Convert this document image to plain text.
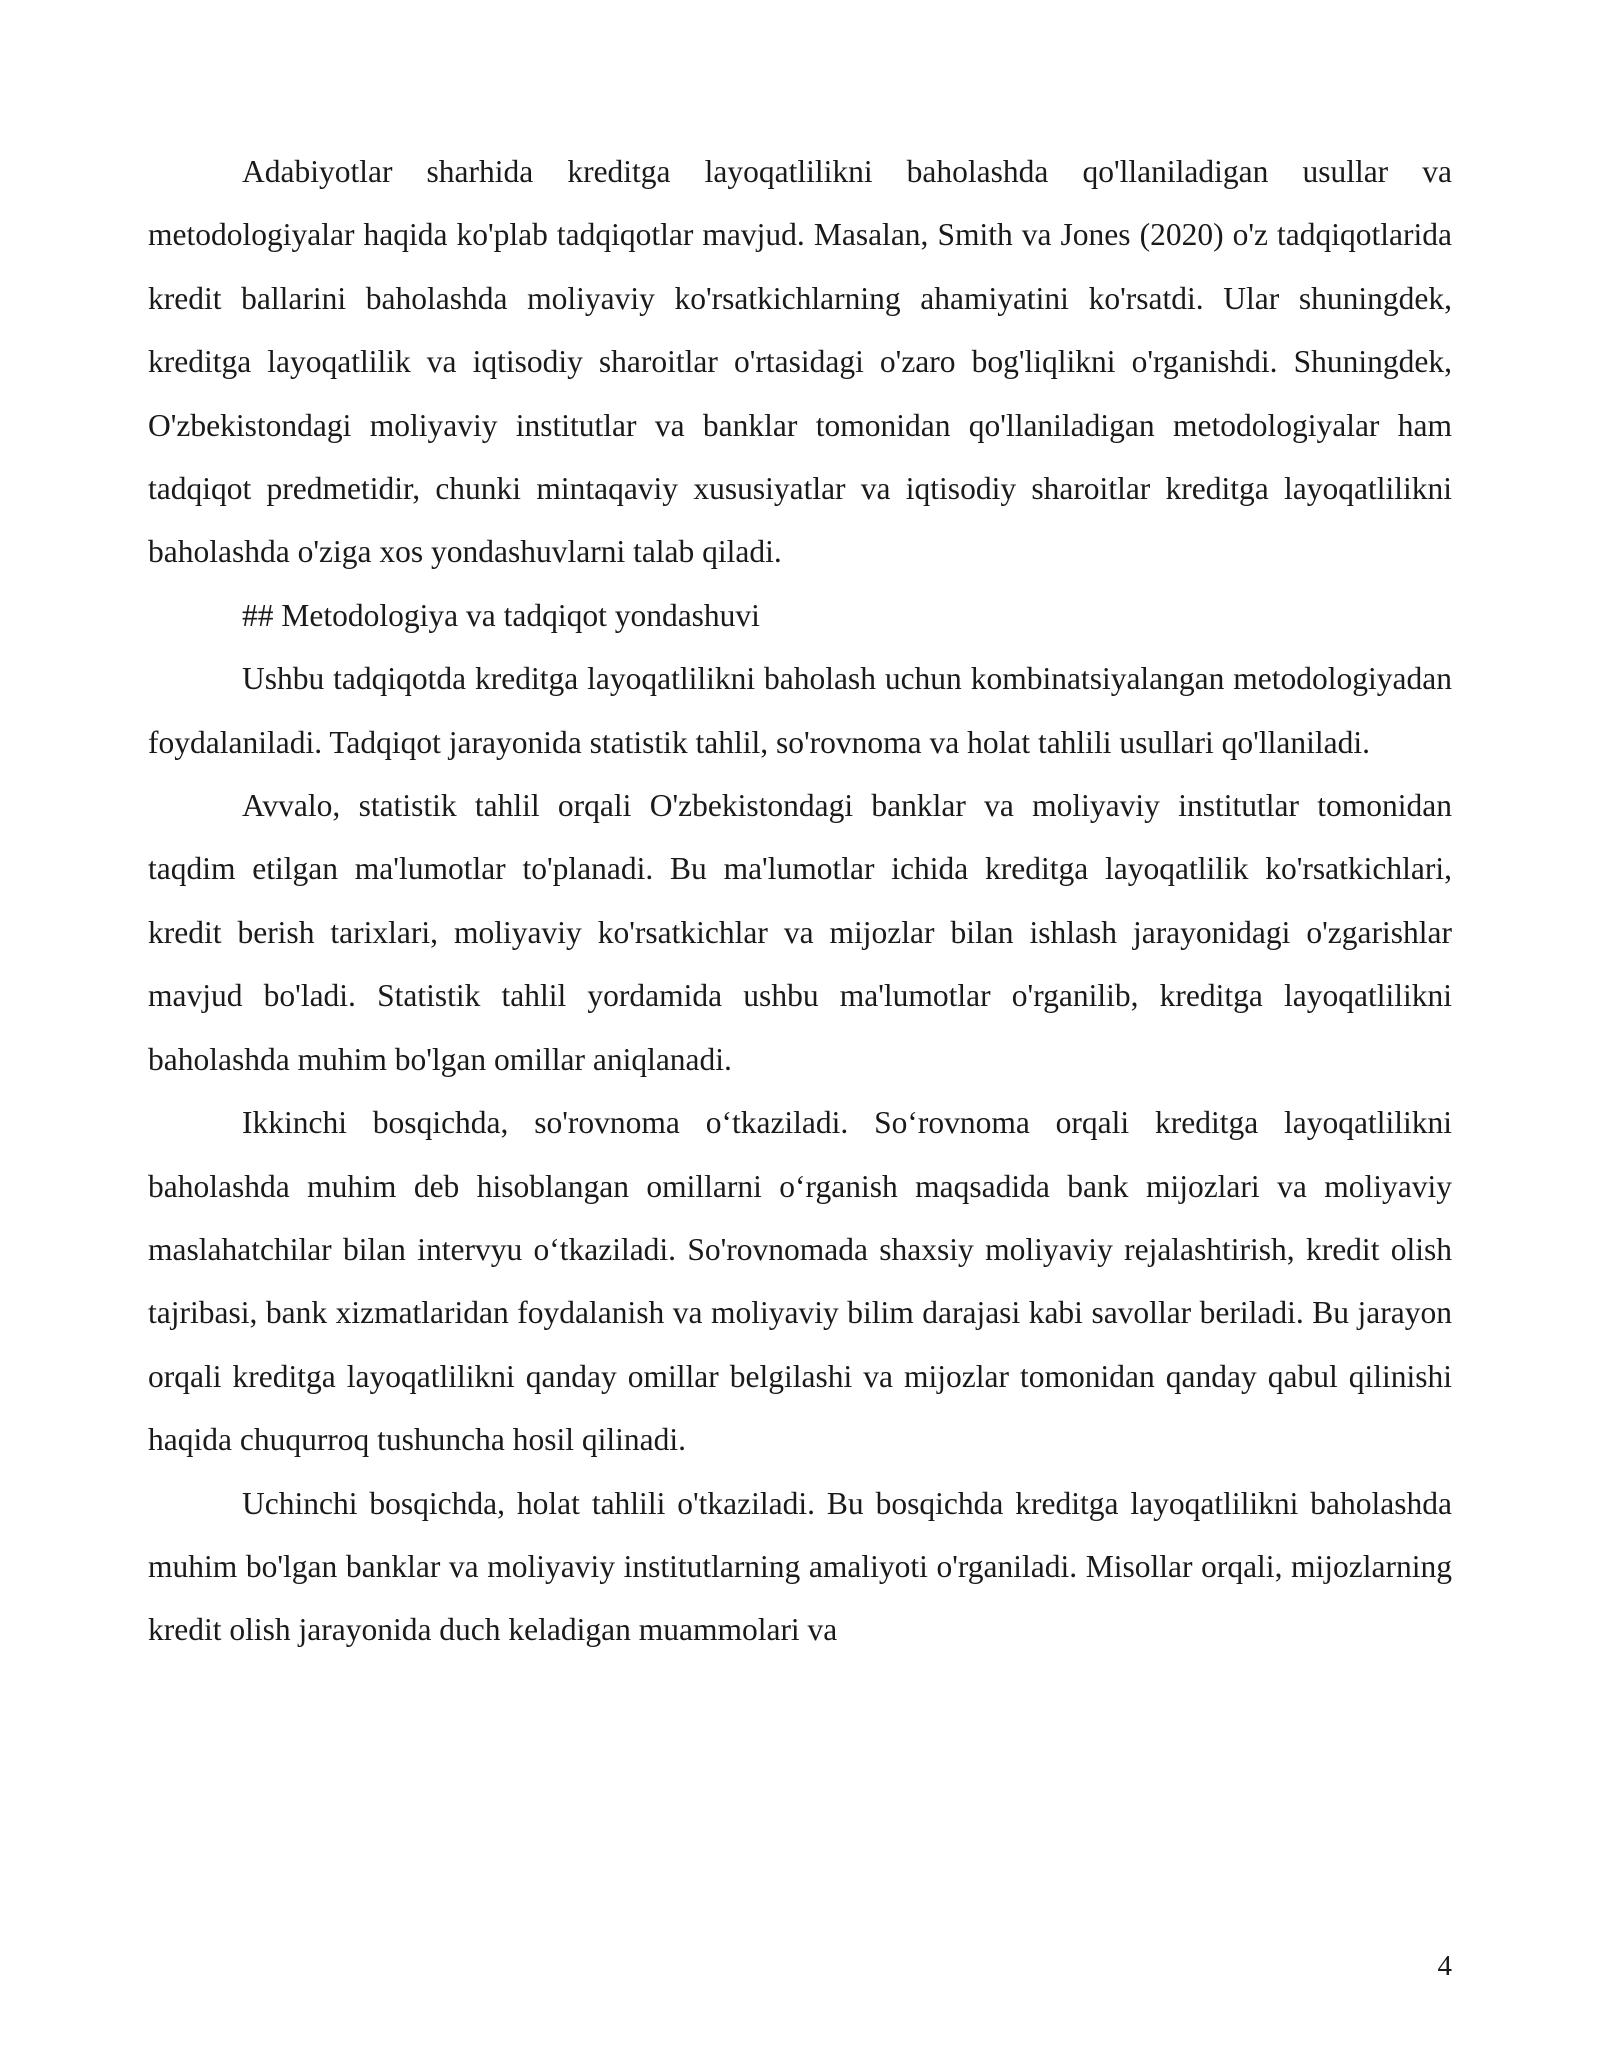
Adabiyotlar sharhida kreditga layoqatlilikni baholashda qo'llaniladigan usullar va metodologiyalar haqida ko'plab tadqiqotlar mavjud. Masalan, Smith va Jones (2020) o'z tadqiqotlarida kredit ballarini baholashda moliyaviy ko'rsatkichlarning ahamiyatini ko'rsatdi. Ular shuningdek, kreditga layoqatlilik va iqtisodiy sharoitlar o'rtasidagi o'zaro bog'liqlikni o'rganishdi. Shuningdek, O'zbekistondagi moliyaviy institutlar va banklar tomonidan qo'llaniladigan metodologiyalar ham tadqiqot predmetidir, chunki mintaqaviy xususiyatlar va iqtisodiy sharoitlar kreditga layoqatlilikni baholashda o'ziga xos yondashuvlarni talab qiladi.

## Metodologiya va tadqiqot yondashuvi

Ushbu tadqiqotda kreditga layoqatlilikni baholash uchun kombinatsiyalangan metodologiyadan foydalaniladi. Tadqiqot jarayonida statistik tahlil, so'rovnoma va holat tahlili usullari qo'llaniladi.

Avvalo, statistik tahlil orqali O'zbekistondagi banklar va moliyaviy institutlar tomonidan taqdim etilgan ma'lumotlar to'planadi. Bu ma'lumotlar ichida kreditga layoqatlilik ko'rsatkichlari, kredit berish tarixlari, moliyaviy ko'rsatkichlar va mijozlar bilan ishlash jarayonidagi o'zgarishlar mavjud bo'ladi. Statistik tahlil yordamida ushbu ma'lumotlar o'rganilib, kreditga layoqatlilikni baholashda muhim bo'lgan omillar aniqlanadi.

Ikkinchi bosqichda, so'rovnoma o‘tkaziladi. So‘rovnoma orqali kreditga layoqatlilikni baholashda muhim deb hisoblangan omillarni o‘rganish maqsadida bank mijozlari va moliyaviy maslahatchilar bilan intervyu o‘tkaziladi. So'rovnomada shaxsiy moliyaviy rejalashtirish, kredit olish tajribasi, bank xizmatlaridan foydalanish va moliyaviy bilim darajasi kabi savollar beriladi. Bu jarayon orqali kreditga layoqatlilikni qanday omillar belgilashi va mijozlar tomonidan qanday qabul qilinishi haqida chuqurroq tushuncha hosil qilinadi.

Uchinchi bosqichda, holat tahlili o'tkaziladi. Bu bosqichda kreditga layoqatlilikni baholashda muhim bo'lgan banklar va moliyaviy institutlarning amaliyoti o'rganiladi. Misollar orqali, mijozlarning kredit olish jarayonida duch keladigan muammolari va

4
